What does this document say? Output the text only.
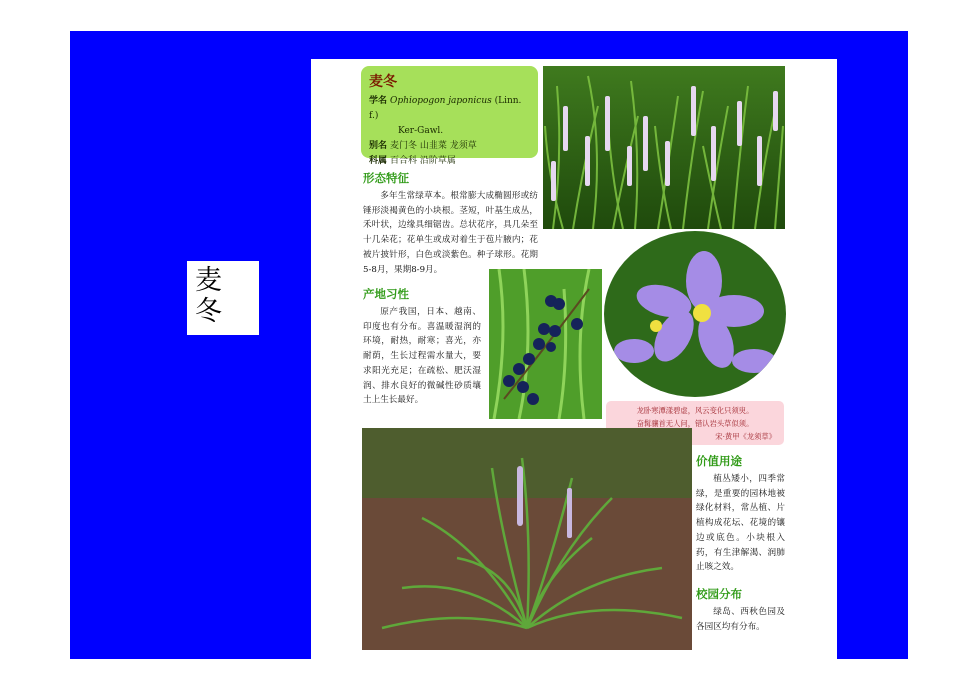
麦
冬
麦冬
学名 Ophiopogon japonicus (Linn. f.)
Ker-Gawl.
别名 麦门冬 山韭菜 龙须草
科属 百合科 沿阶草属
形态特征
多年生常绿草本。根常膨大成椭圆形或纺锤形淡褐黄色的小块根。茎短，叶基生成丛，禾叶状，边缘具细锯齿。总状花序，具几朵至十几朵花；花单生或成对着生于苞片腋内；花被片披针形，白色或淡紫色。种子球形。花期5-8月，果期8-9月。
产地习性
原产我国，日本、越南、印度也有分布。喜温暖湿润的环境，耐热，耐寒；喜光，亦耐荫，生长过程需水量大，要求阳光充足；在疏松、肥沃湿润、排水良好的微碱性砂质壤土上生长最好。
龙卧寒潭漾碧虚，风云变化只须臾。
奋髯骧首无人问，错认岩头草似须。
宋·黄甲《龙须草》
价值用途
植丛矮小，四季常绿，是重要的园林地被绿化材料，常丛植、片植构成花坛、花境的镶边或底色。小块根入药，有生津解渴、润肺止咳之效。
校园分布
绿岛、西秋色园及各园区均有分布。
